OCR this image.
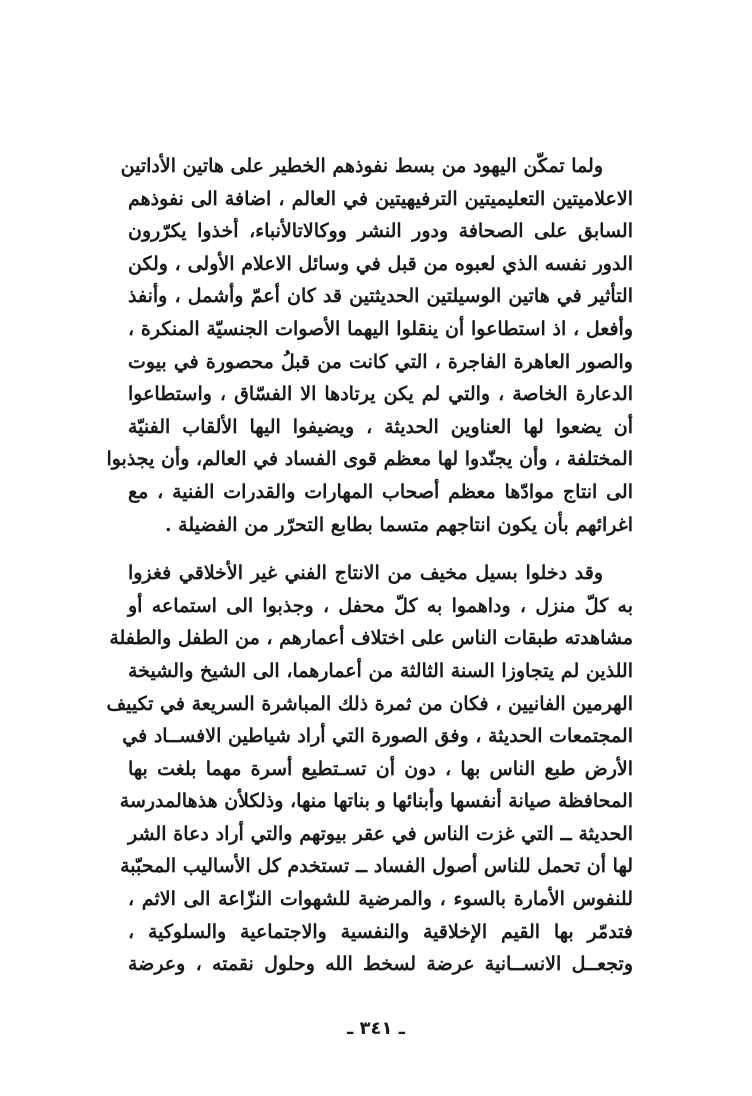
ولما تمكّن اليهود من بسط نفوذهم الخطير على هاتين الأداتين
الاعلاميتين التعليميتين الترفيهيتين في العالم ، اضافة الى نفوذهم
السابق على الصحافة ودور النشر ووكالاتالأنباء، أخذوا يكرّرون
الدور نفسه الذي لعبوه من قبل في وسائل الاعلام الأولى ، ولكن
التأثير في هاتين الوسيلتين الحديثتين قد كان أعمّ وأشمل ، وأنفذ
وأفعل ، اذ استطاعوا أن ينقلوا اليهما الأصوات الجنسيّة المنكرة ،
والصور العاهرة الفاجرة ، التي كانت من قبلُ محصورة في بيوت
الدعارة الخاصة ، والتي لم يكن يرتادها الا الفسّاق ، واستطاعوا
أن يضعوا لها العناوين الحديثة ، ويضيفوا اليها الألقاب الفنيّة
المختلفة ، وأن يجنّدوا لها معظم قوى الفساد في العالم، وأن يجذبوا
الى انتاج موادّها معظم أصحاب المهارات والقدرات الفنية ، مع
اغرائهم بأن يكون انتاجهم متسما بطابع التحرّر من الفضيلة .
وقد دخلوا بسيل مخيف من الانتاج الفني غير الأخلاقي فغزوا
به كلّ منزل ، وداهموا به كلّ محفل ، وجذبوا الى استماعه أو
مشاهدته طبقات الناس على اختلاف أعمارهم ، من الطفل والطفلة
اللذين لم يتجاوزا السنة الثالثة من أعمارهما، الى الشيخ والشيخة
الهرمين الفانيين ، فكان من ثمرة ذلك المباشرة السريعة في تكييف
المجتمعات الحديثة ، وفق الصورة التي أراد شياطين الافســاد في
الأرض طبع الناس بها ، دون أن تسـتطيع أسرة مهما بلغت بها
المحافظة صيانة أنفسها وأبنائها و بناتها منها، وذلكلأن هذهالمدرسة
الحديثة ــ التي غزت الناس في عقر بيوتهم والتي أراد دعاة الشر
لها أن تحمل للناس أصول الفساد ــ تستخدم كل الأساليب المحبّبة
للنفوس الأمارة بالسوء ، والمرضية للشهوات النزّاعة الى الاثم ،
فتدمّر بها القيم الإخلاقية والنفسية والاجتماعية والسلوكية ،
وتجعــل الانســانية عرضة لسخط الله وحلول نقمته ، وعرضة
ـ ٣٤١ ـ
